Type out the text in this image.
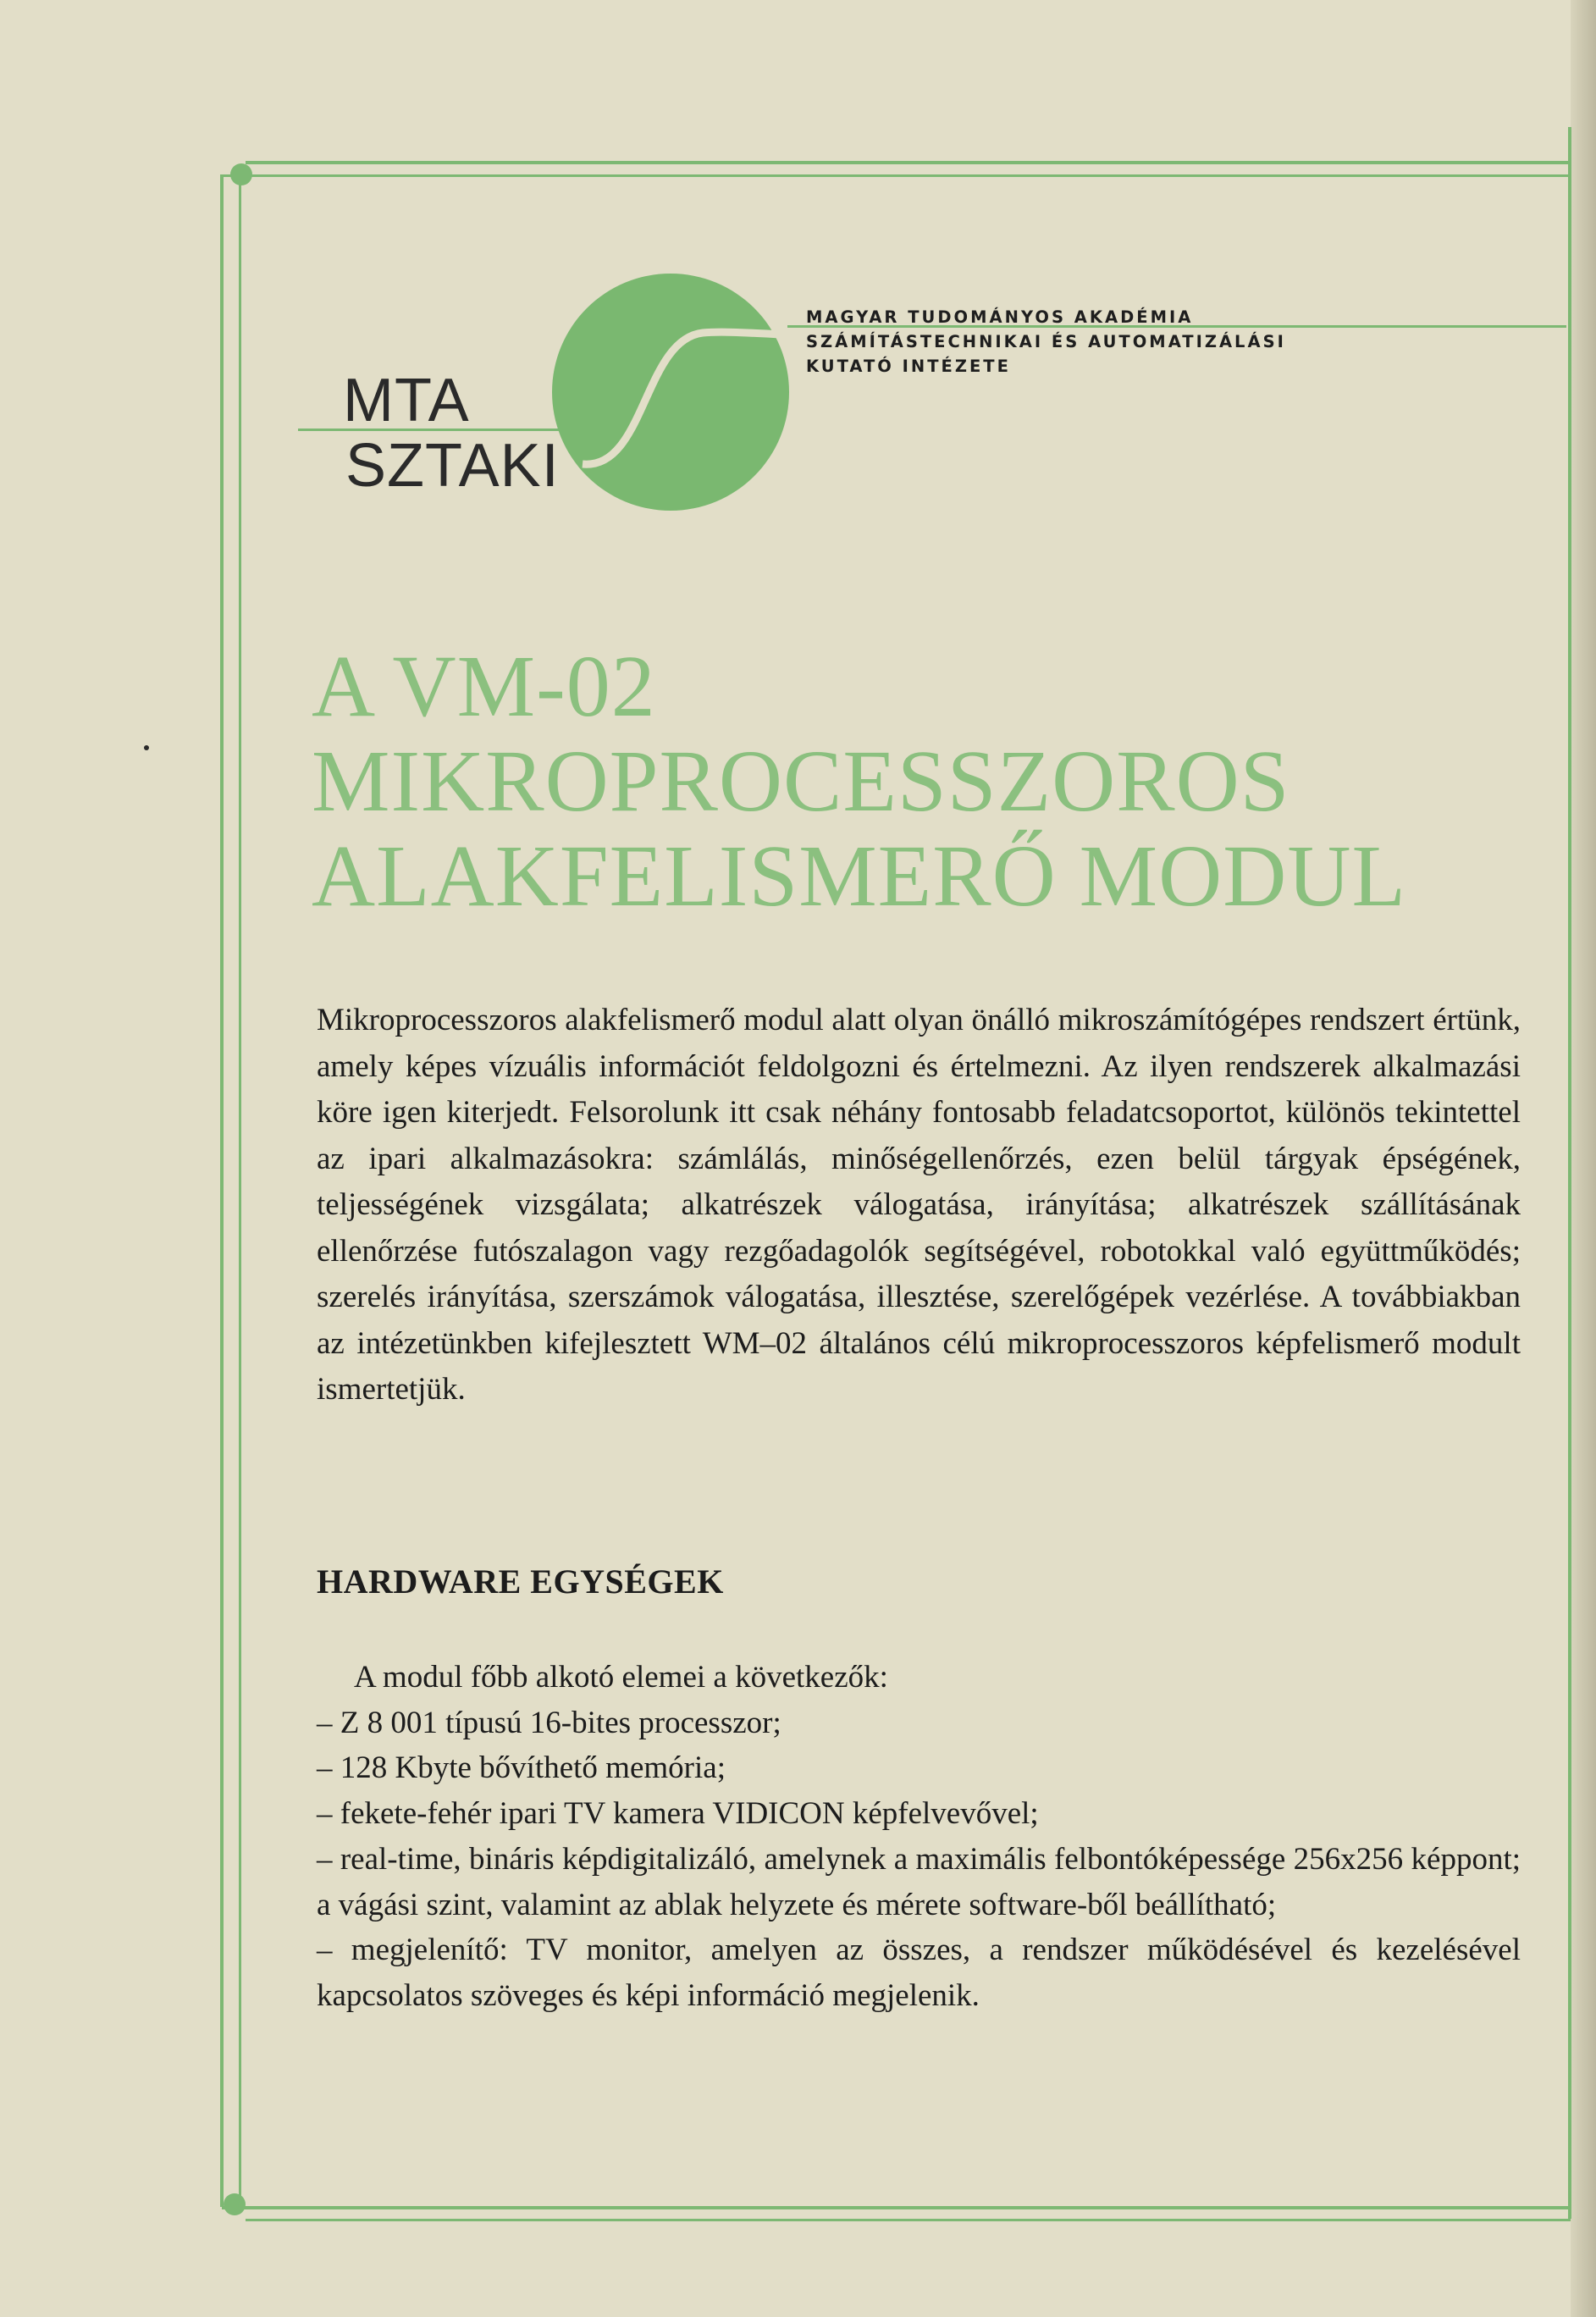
MTA
SZTAKI
MAGYAR TUDOMÁNYOS AKADÉMIA
SZÁMÍTÁSTECHNIKAI ÉS AUTOMATIZÁLÁSI
KUTATÓ INTÉZETE
A VM-02
MIKROPROCESSZOROS
ALAKFELISMERŐ MODUL
Mikroprocesszoros alakfelismerő modul alatt olyan önálló mikroszámítógépes rendszert értünk, amely képes vízuális információt feldolgozni és értelmezni. Az ilyen rendszerek alkalmazási köre igen kiterjedt. Felsorolunk itt csak néhány fontosabb feladatcsoportot, különös tekintettel az ipari alkalmazásokra: számlálás, minőségellenőrzés, ezen belül tárgyak épségének, teljességének vizsgálata; alkatrészek válogatása, irányítása; alkatrészek szállításának ellenőrzése futószalagon vagy rezgőadagolók segítségével, robotokkal való együttműködés; szerelés irányítása, szerszámok válogatása, illesztése, szerelőgépek vezérlése. A továbbiakban az intézetünkben kifejlesztett WM–02 általános célú mikroprocesszoros képfelismerő modult ismertetjük.
HARDWARE EGYSÉGEK
A modul főbb alkotó elemei a következők:
– Z 8 001 típusú 16-bites processzor;
– 128 Kbyte bővíthető memória;
– fekete-fehér ipari TV kamera VIDICON képfelvevővel;
– real-time, bináris képdigitalizáló, amelynek a maximális felbontóképessége 256x256 képpont; a vágási szint, valamint az ablak helyzete és mérete software-ből beállítható;
– megjelenítő: TV monitor, amelyen az összes, a rendszer működésével és kezelésével kapcsolatos szöveges és képi információ megjelenik.
